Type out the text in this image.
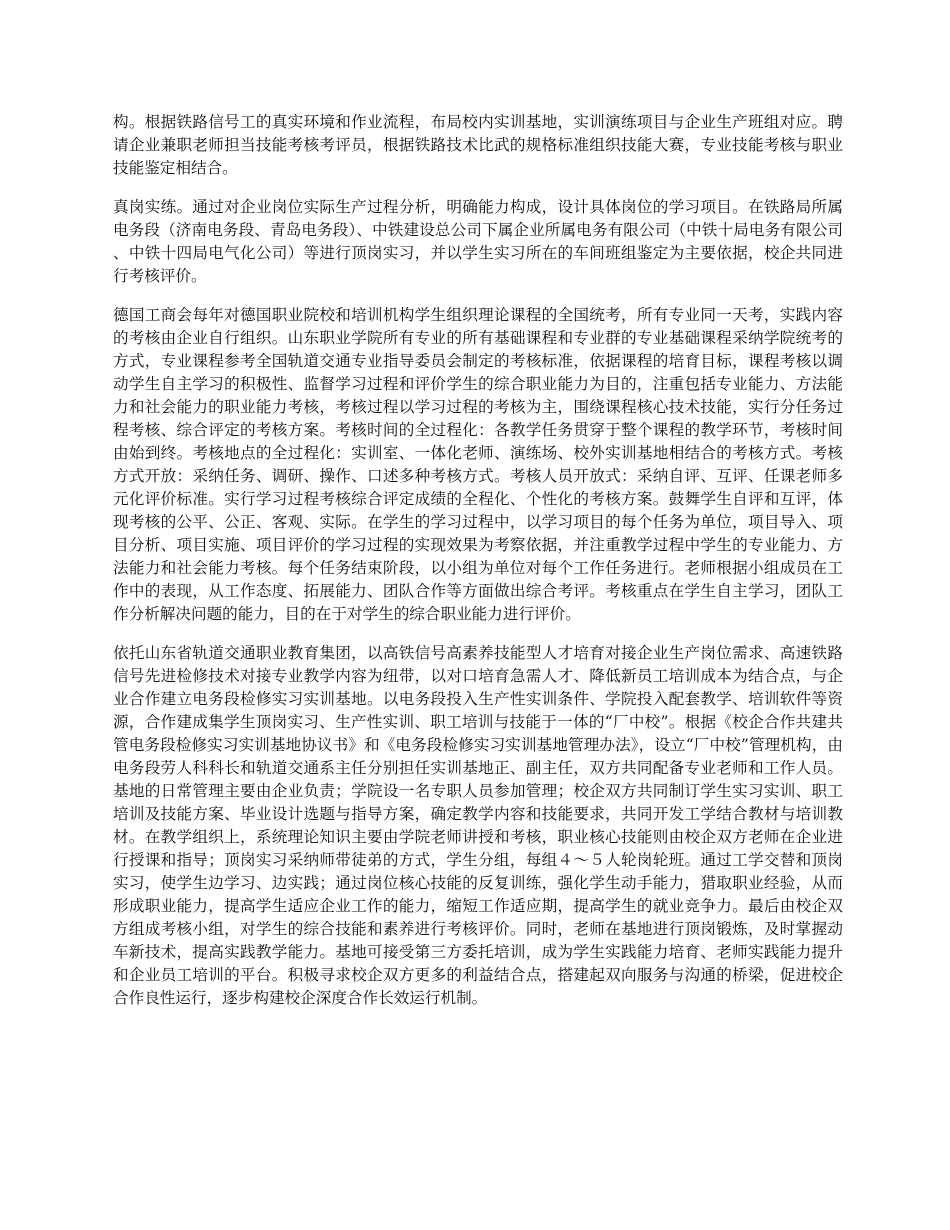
构。根据铁路信号工的真实环境和作业流程，布局校内实训基地，实训演练项目与企业生产班组对应。聘请企业兼职老师担当技能考核考评员，根据铁路技术比武的规格标准组织技能大赛，专业技能考核与职业技能鉴定相结合。

真岗实练。通过对企业岗位实际生产过程分析，明确能力构成，设计具体岗位的学习项目。在铁路局所属电务段（济南电务段、青岛电务段）、中铁建设总公司下属企业所属电务有限公司（中铁十局电务有限公司、中铁十四局电气化公司）等进行顶岗实习，并以学生实习所在的车间班组鉴定为主要依据，校企共同进行考核评价。

德国工商会每年对德国职业院校和培训机构学生组织理论课程的全国统考，所有专业同一天考，实践内容的考核由企业自行组织。山东职业学院所有专业的所有基础课程和专业群的专业基础课程采纳学院统考的方式，专业课程参考全国轨道交通专业指导委员会制定的考核标准，依据课程的培育目标，课程考核以调动学生自主学习的积极性、监督学习过程和评价学生的综合职业能力为目的，注重包括专业能力、方法能力和社会能力的职业能力考核，考核过程以学习过程的考核为主，围绕课程核心技术技能，实行分任务过程考核、综合评定的考核方案。考核时间的全过程化：各教学任务贯穿于整个课程的教学环节，考核时间由始到终。考核地点的全过程化：实训室、一体化老师、演练场、校外实训基地相结合的考核方式。考核方式开放：采纳任务、调研、操作、口述多种考核方式。考核人员开放式：采纳自评、互评、任课老师多元化评价标准。实行学习过程考核综合评定成绩的全程化、个性化的考核方案。鼓舞学生自评和互评，体现考核的公平、公正、客观、实际。在学生的学习过程中，以学习项目的每个任务为单位，项目导入、项目分析、项目实施、项目评价的学习过程的实现效果为考察依据，并注重教学过程中学生的专业能力、方法能力和社会能力考核。每个任务结束阶段，以小组为单位对每个工作任务进行。老师根据小组成员在工作中的表现，从工作态度、拓展能力、团队合作等方面做出综合考评。考核重点在学生自主学习，团队工作分析解决问题的能力，目的在于对学生的综合职业能力进行评价。

依托山东省轨道交通职业教育集团，以高铁信号高素养技能型人才培育对接企业生产岗位需求、高速铁路信号先进检修技术对接专业教学内容为纽带，以对口培育急需人才、降低新员工培训成本为结合点，与企业合作建立电务段检修实习实训基地。以电务段投入生产性实训条件、学院投入配套教学、培训软件等资源，合作建成集学生顶岗实习、生产性实训、职工培训与技能于一体的“厂中校”。根据《校企合作共建共管电务段检修实习实训基地协议书》和《电务段检修实习实训基地管理办法》，设立“厂中校”管理机构，由电务段劳人科科长和轨道交通系主任分别担任实训基地正、副主任，双方共同配备专业老师和工作人员。基地的日常管理主要由企业负责；学院设一名专职人员参加管理；校企双方共同制订学生实习实训、职工培训及技能方案、毕业设计选题与指导方案，确定教学内容和技能要求，共同开发工学结合教材与培训教材。在教学组织上，系统理论知识主要由学院老师讲授和考核，职业核心技能则由校企双方老师在企业进行授课和指导；顶岗实习采纳师带徒弟的方式，学生分组，每组４～５人轮岗轮班。通过工学交替和顶岗实习，使学生边学习、边实践；通过岗位核心技能的反复训练，强化学生动手能力，猎取职业经验，从而形成职业能力，提高学生适应企业工作的能力，缩短工作适应期，提高学生的就业竞争力。最后由校企双方组成考核小组，对学生的综合技能和素养进行考核评价。同时，老师在基地进行顶岗锻炼，及时掌握动车新技术，提高实践教学能力。基地可接受第三方委托培训，成为学生实践能力培育、老师实践能力提升和企业员工培训的平台。积极寻求校企双方更多的利益结合点，搭建起双向服务与沟通的桥梁，促进校企合作良性运行，逐步构建校企深度合作长效运行机制。
